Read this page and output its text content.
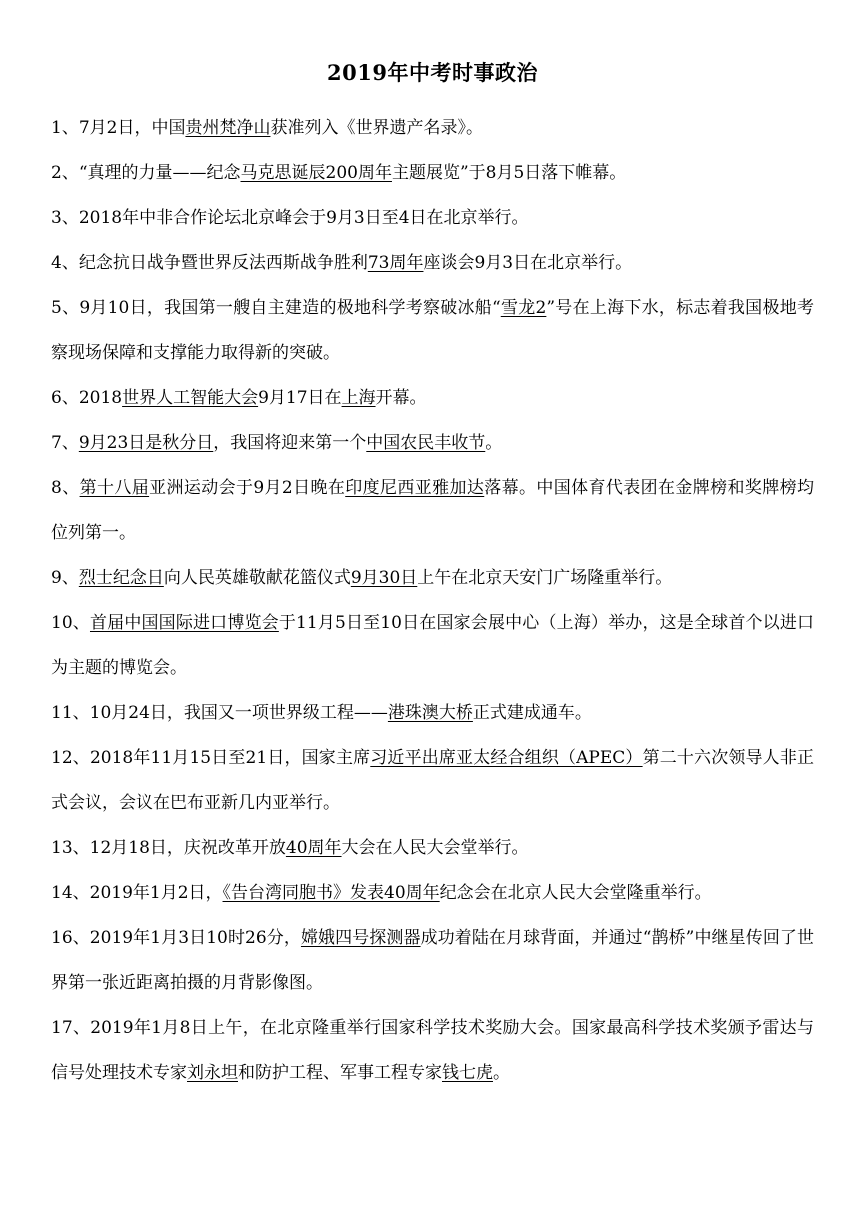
2019年中考时事政治

1、7月2日，中国贵州梵净山获准列入《世界遗产名录》。

2、“真理的力量——纪念马克思诞辰200周年主题展览”于8月5日落下帷幕。

3、2018年中非合作论坛北京峰会于9月3日至4日在北京举行。

4、纪念抗日战争暨世界反法西斯战争胜利73周年座谈会9月3日在北京举行。

5、9月10日，我国第一艘自主建造的极地科学考察破冰船“雪龙2”号在上海下水，标志着我国极地考察现场保障和支撑能力取得新的突破。

6、2018世界人工智能大会9月17日在上海开幕。

7、9月23日是秋分日，我国将迎来第一个中国农民丰收节。

8、第十八届亚洲运动会于9月2日晚在印度尼西亚雅加达落幕。中国体育代表团在金牌榜和奖牌榜均位列第一。

9、烈士纪念日向人民英雄敬献花篮仪式9月30日上午在北京天安门广场隆重举行。

10、首届中国国际进口博览会于11月5日至10日在国家会展中心（上海）举办，这是全球首个以进口为主题的博览会。

11、10月24日，我国又一项世界级工程——港珠澳大桥正式建成通车。

12、2018年11月15日至21日，国家主席习近平出席亚太经合组织（APEC）第二十六次领导人非正式会议，会议在巴布亚新几内亚举行。

13、12月18日，庆祝改革开放40周年大会在人民大会堂举行。

14、2019年1月2日，《告台湾同胞书》发表40周年纪念会在北京人民大会堂隆重举行。

16、2019年1月3日10时26分，嫦娥四号探测器成功着陆在月球背面，并通过“鹊桥”中继星传回了世界第一张近距离拍摄的月背影像图。

17、2019年1月8日上午，在北京隆重举行国家科学技术奖励大会。国家最高科学技术奖颁予雷达与信号处理技术专家刘永坦和防护工程、军事工程专家钱七虎。
